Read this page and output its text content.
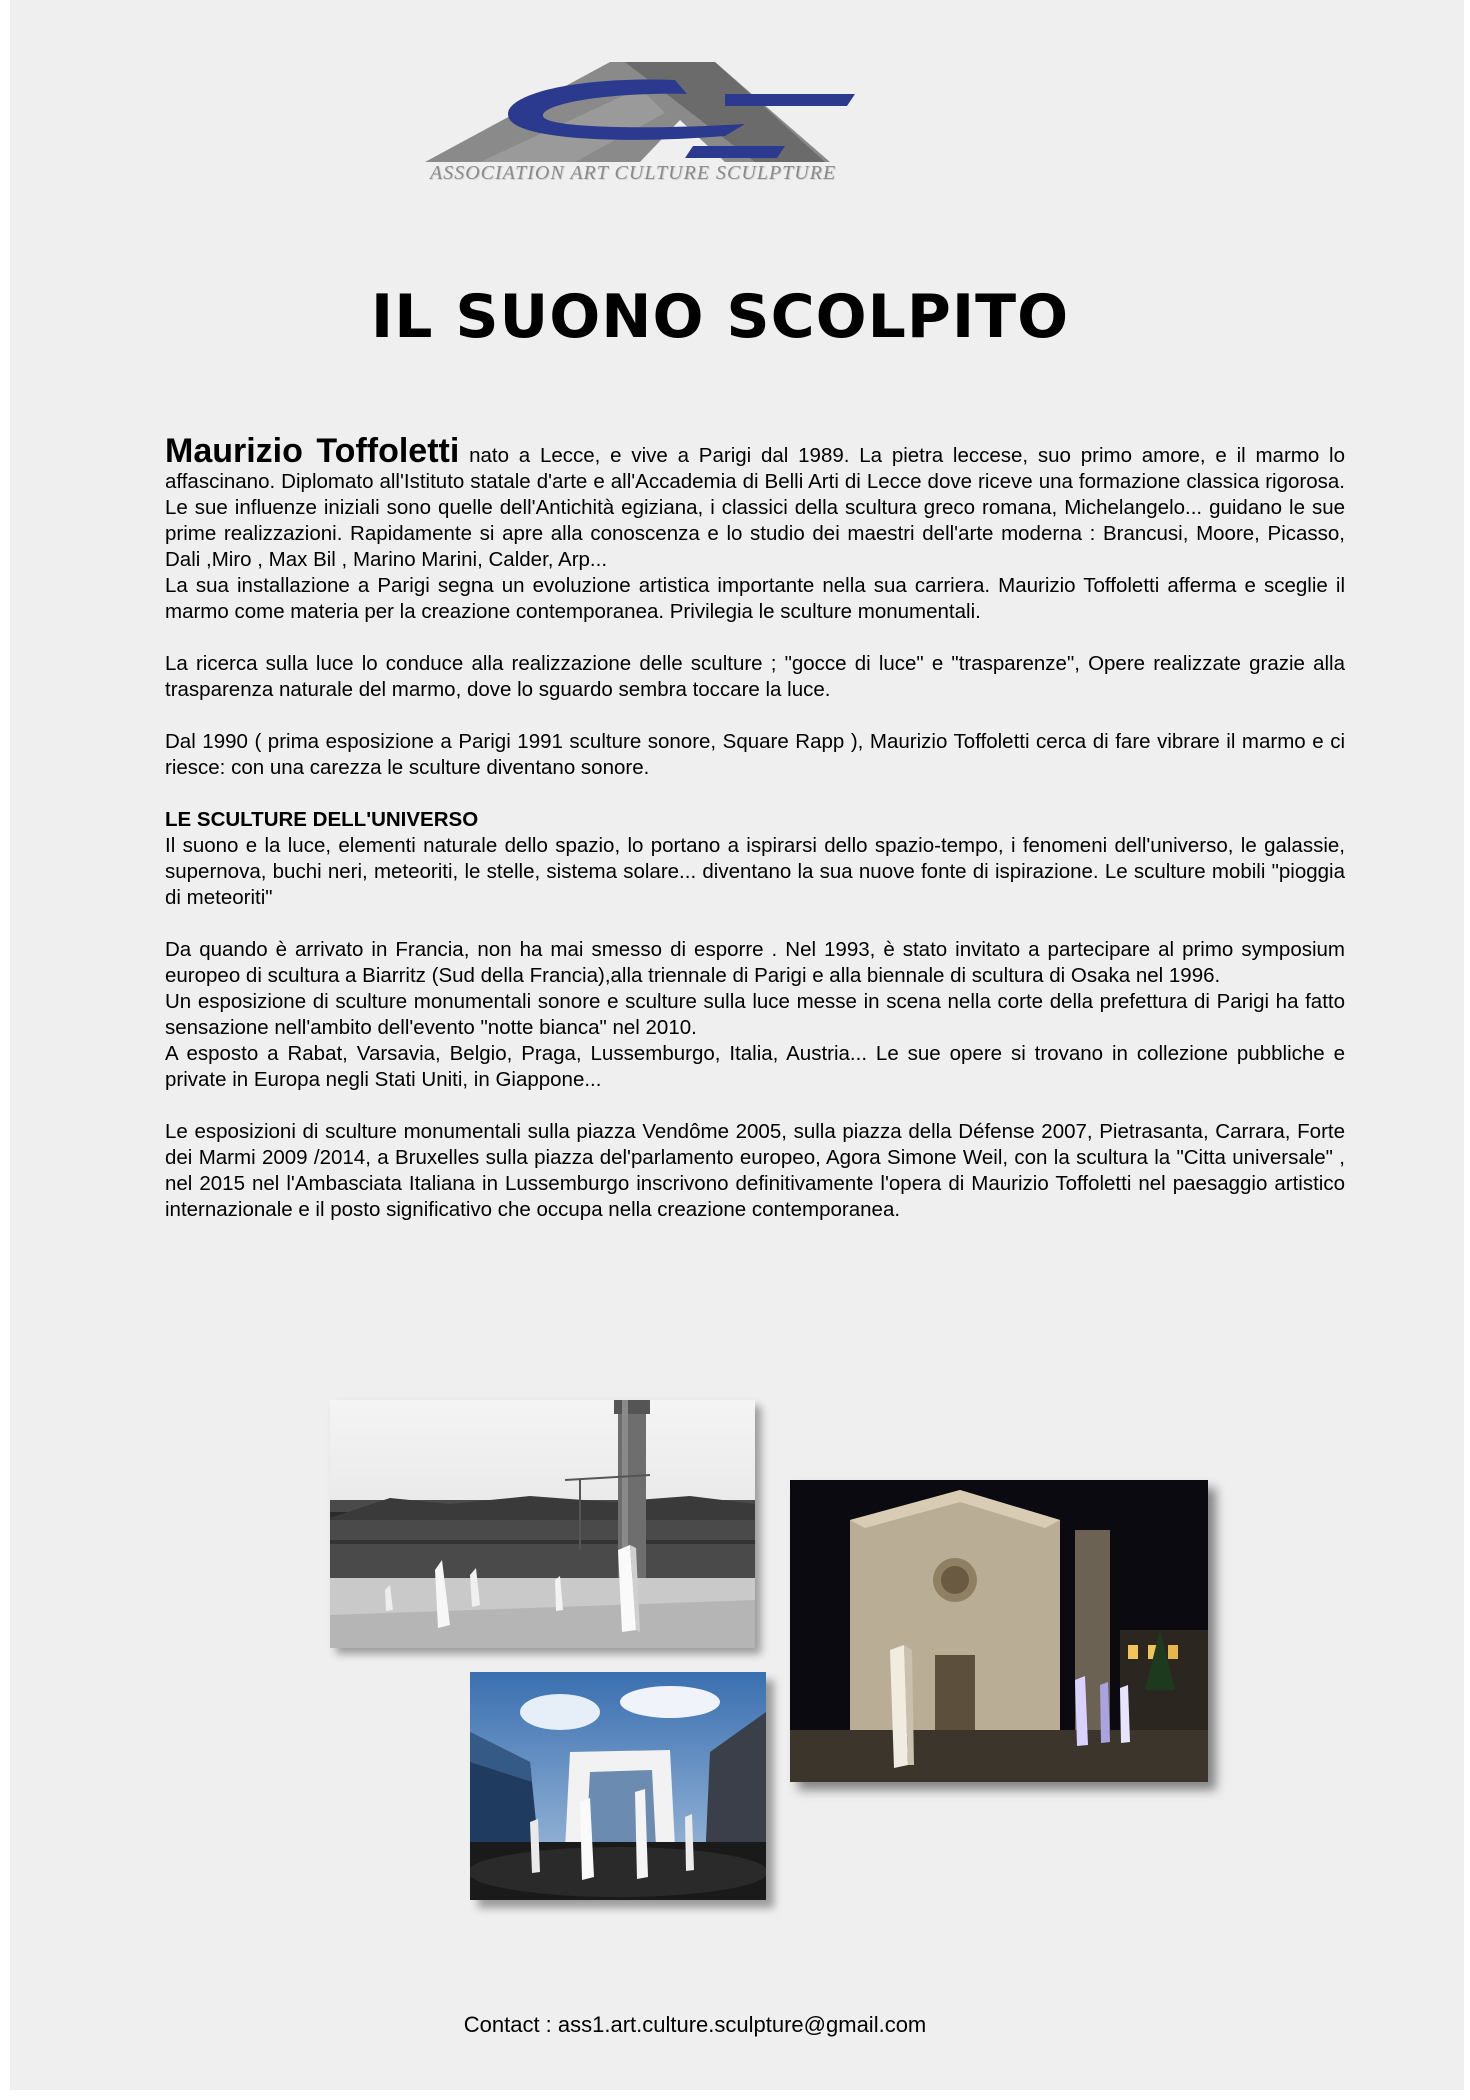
ASSOCIATION ART CULTURE SCULPTURE
IL SUONO SCOLPITO

Maurizio Toffoletti nato a Lecce, e vive a Parigi dal 1989. La pietra leccese, suo primo amore, e il marmo lo affascinano. Diplomato all'Istituto statale d'arte e all'Accademia di Belli Arti di Lecce dove riceve una formazione classica rigorosa. Le sue influenze iniziali sono quelle dell'Antichità egiziana, i classici della scultura greco romana, Michelangelo... guidano le sue prime realizzazioni. Rapidamente si apre alla conoscenza e lo studio dei maestri dell'arte moderna : Brancusi, Moore, Picasso, Dali ,Miro , Max Bil , Marino Marini, Calder, Arp...

La sua installazione a Parigi segna un evoluzione artistica importante nella sua carriera. Maurizio Toffoletti afferma e sceglie il marmo come materia per la creazione contemporanea. Privilegia le sculture monumentali.

La ricerca sulla luce lo conduce alla realizzazione delle sculture ; "gocce di luce" e "trasparenze", Opere realizzate grazie alla trasparenza naturale del marmo, dove lo sguardo sembra toccare la luce.

Dal 1990 ( prima esposizione a Parigi 1991 sculture sonore, Square Rapp ), Maurizio Toffoletti cerca di fare vibrare il marmo e ci riesce: con una carezza le sculture diventano sonore.

LE SCULTURE DELL'UNIVERSO

Il suono e la luce, elementi naturale dello spazio, lo portano a ispirarsi dello spazio-tempo, i fenomeni dell'universo, le galassie, supernova, buchi neri, meteoriti, le stelle, sistema solare... diventano la sua nuove fonte di ispirazione. Le sculture mobili "pioggia di meteoriti"

Da quando è arrivato in Francia, non ha mai smesso di esporre . Nel 1993, è stato invitato a partecipare al primo symposium europeo di scultura a Biarritz (Sud della Francia),alla triennale di Parigi e alla biennale di scultura di Osaka nel 1996.

Un esposizione di sculture monumentali sonore e sculture sulla luce messe in scena nella corte della prefettura di Parigi ha fatto sensazione nell'ambito dell'evento "notte bianca" nel 2010.

A esposto a Rabat, Varsavia, Belgio, Praga, Lussemburgo, Italia, Austria... Le sue opere si trovano in collezione pubbliche e private in Europa negli Stati Uniti, in Giappone...

Le esposizioni di sculture monumentali sulla piazza Vendôme 2005, sulla piazza della Défense 2007, Pietrasanta, Carrara, Forte dei Marmi 2009 /2014, a Bruxelles sulla piazza del'parlamento europeo, Agora Simone Weil, con la scultura la "Citta universale" , nel 2015 nel l'Ambasciata Italiana in Lussemburgo inscrivono definitivamente l'opera di Maurizio Toffoletti nel paesaggio artistico internazionale e il posto significativo che occupa nella creazione contemporanea.

Contact : ass1.art.culture.sculpture@gmail.com
